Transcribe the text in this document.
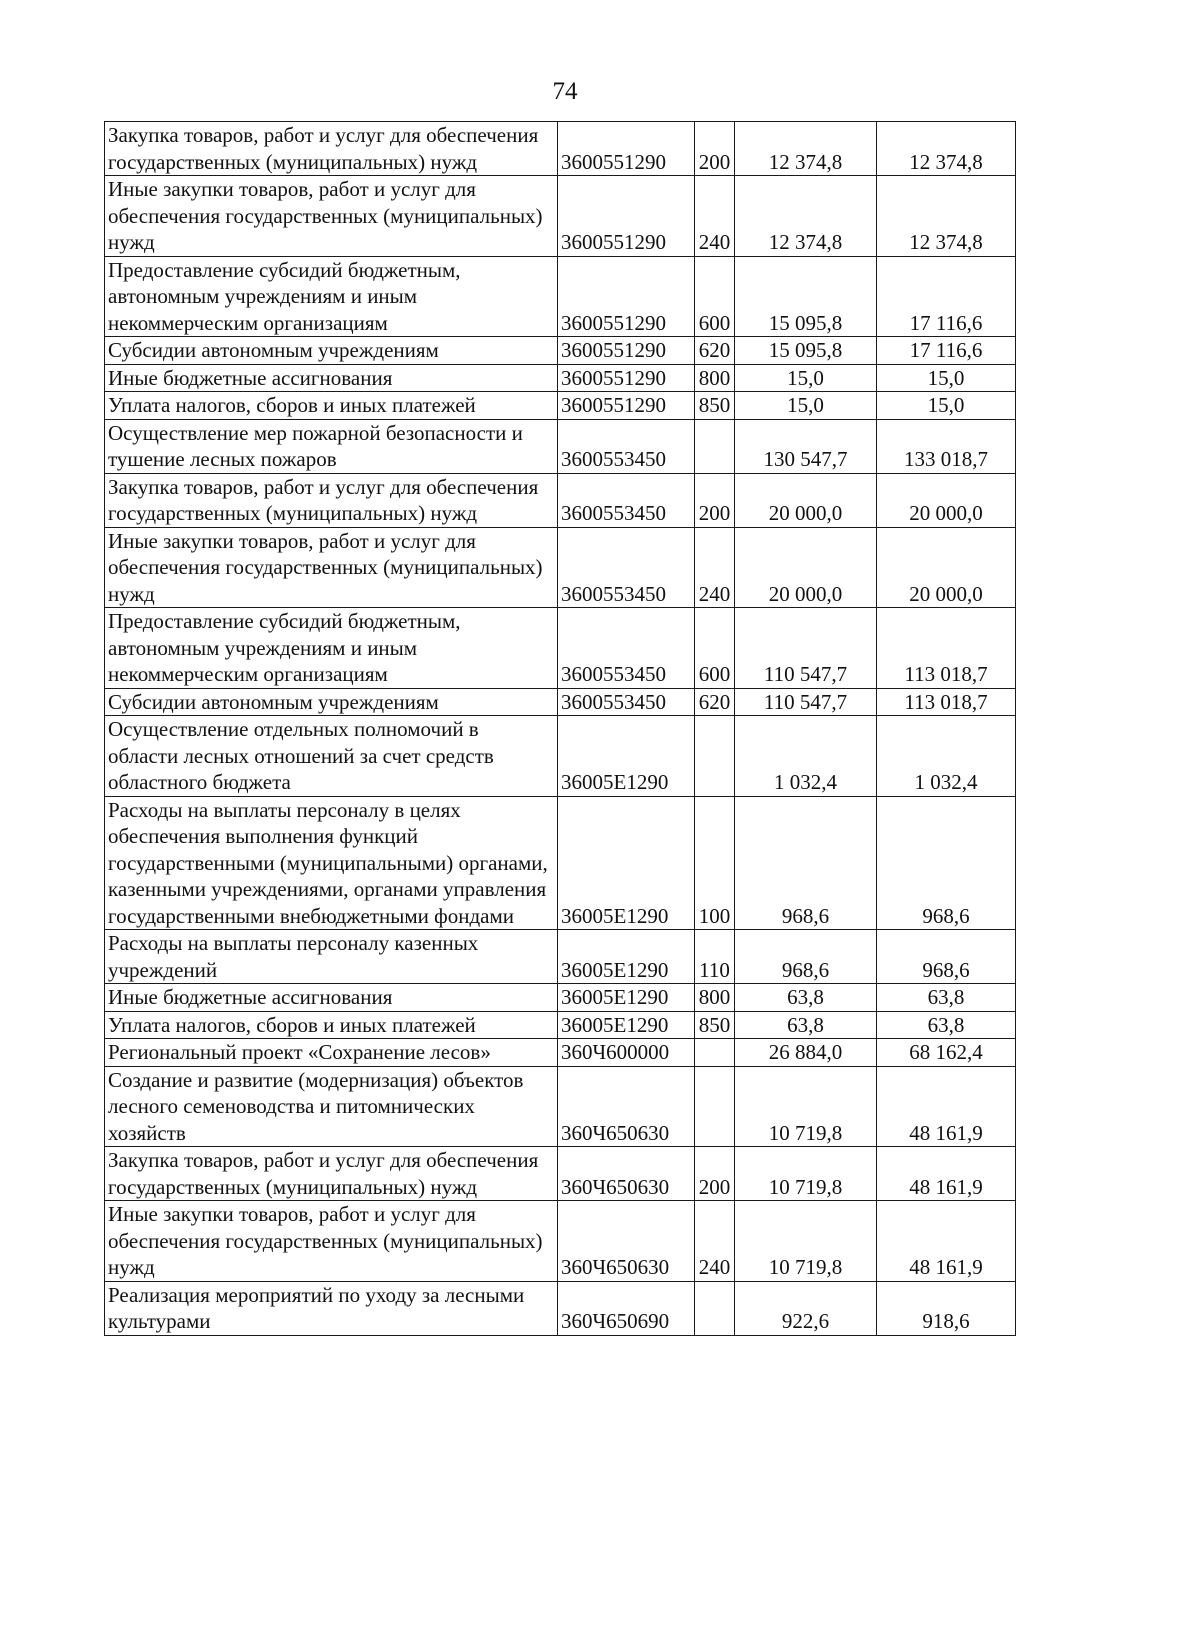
74
Закупка товаров, работ и услуг для обеспечения государственных (муниципальных) нужд	3600551290	200	12 374,8	12 374,8
Иные закупки товаров, работ и услуг для обеспечения государственных (муниципальных) нужд	3600551290	240	12 374,8	12 374,8
Предоставление субсидий бюджетным, автономным учреждениям и иным некоммерческим организациям	3600551290	600	15 095,8	17 116,6
Субсидии автономным учреждениям	3600551290	620	15 095,8	17 116,6
Иные бюджетные ассигнования	3600551290	800	15,0	15,0
Уплата налогов, сборов и иных платежей	3600551290	850	15,0	15,0
Осуществление мер пожарной безопасности и тушение лесных пожаров	3600553450		130 547,7	133 018,7
Закупка товаров, работ и услуг для обеспечения государственных (муниципальных) нужд	3600553450	200	20 000,0	20 000,0
Иные закупки товаров, работ и услуг для обеспечения государственных (муниципальных) нужд	3600553450	240	20 000,0	20 000,0
Предоставление субсидий бюджетным, автономным учреждениям и иным некоммерческим организациям	3600553450	600	110 547,7	113 018,7
Субсидии автономным учреждениям	3600553450	620	110 547,7	113 018,7
Осуществление отдельных полномочий в области лесных отношений за счет средств областного бюджета	36005Е1290		1 032,4	1 032,4
Расходы на выплаты персоналу в целях обеспечения выполнения функций государственными (муниципальными) органами, казенными учреждениями, органами управления государственными внебюджетными фондами	36005Е1290	100	968,6	968,6
Расходы на выплаты персоналу казенных учреждений	36005Е1290	110	968,6	968,6
Иные бюджетные ассигнования	36005Е1290	800	63,8	63,8
Уплата налогов, сборов и иных платежей	36005Е1290	850	63,8	63,8
Региональный проект «Сохранение лесов»	360Ч600000		26 884,0	68 162,4
Создание и развитие (модернизация) объектов лесного семеноводства и питомнических хозяйств	360Ч650630		10 719,8	48 161,9
Закупка товаров, работ и услуг для обеспечения государственных (муниципальных) нужд	360Ч650630	200	10 719,8	48 161,9
Иные закупки товаров, работ и услуг для обеспечения государственных (муниципальных) нужд	360Ч650630	240	10 719,8	48 161,9
Реализация мероприятий по уходу за лесными культурами	360Ч650690		922,6	918,6
